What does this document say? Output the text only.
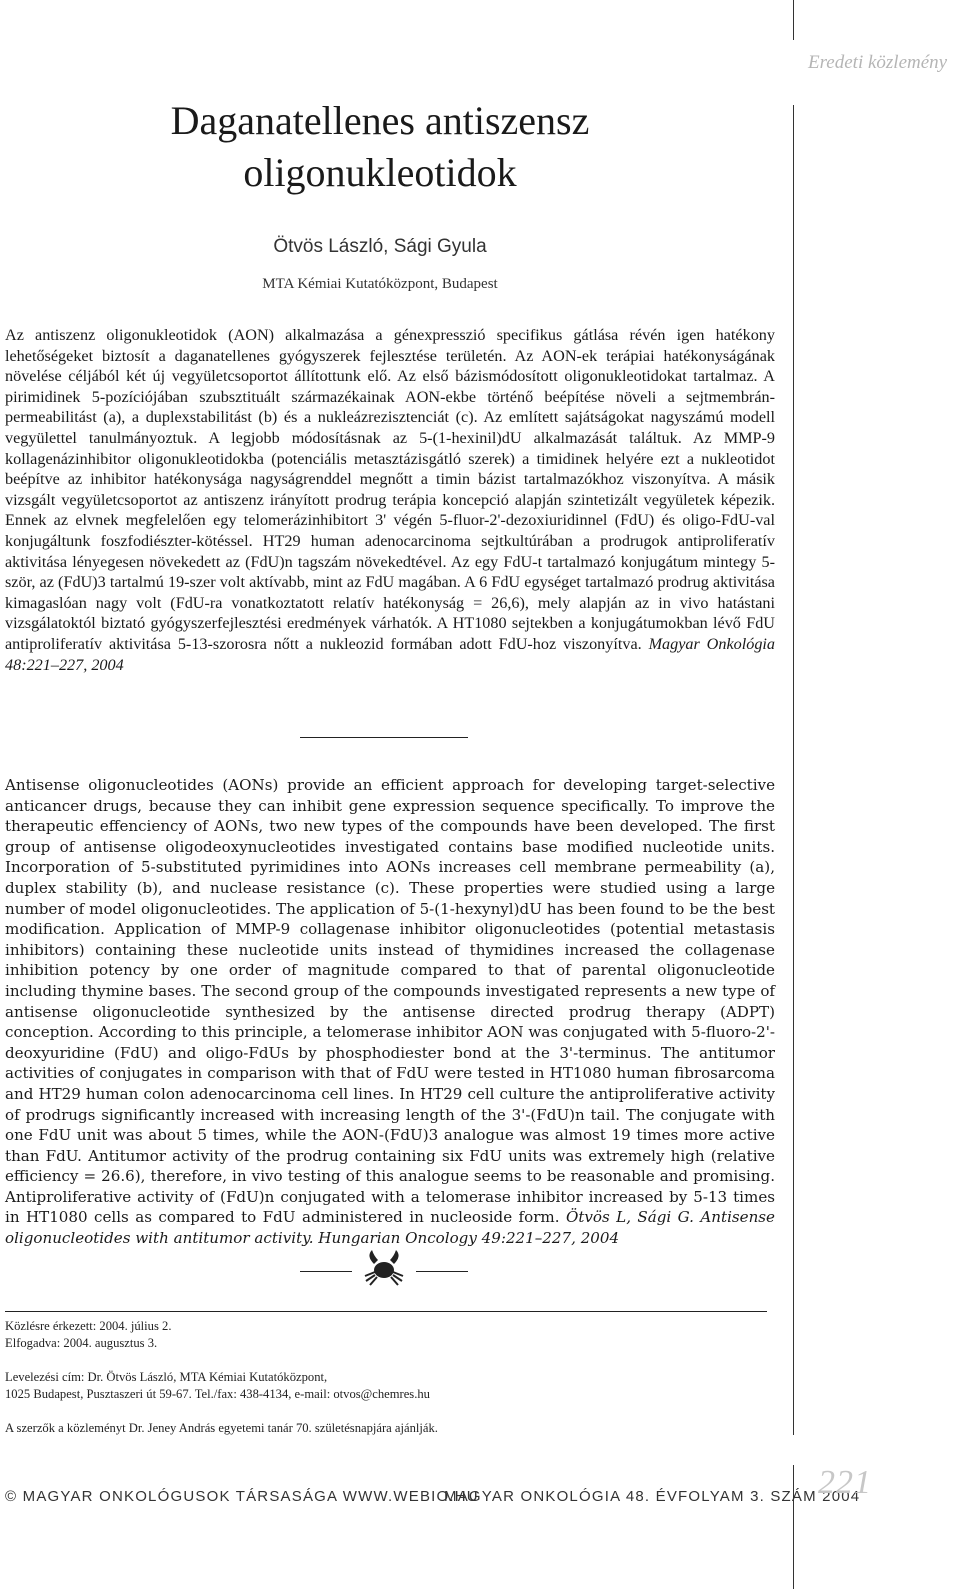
Eredeti közlemény
Daganatellenes antiszensz oligonukleotidok
Ötvös László, Sági Gyula
MTA Kémiai Kutatóközpont, Budapest
Az antiszenz oligonukleotidok (AON) alkalmazása a génexpresszió specifikus gátlása révén igen hatékony lehetőségeket biztosít a daganatellenes gyógyszerek fejlesztése területén. Az AON-ek terápiai hatékonyságának növelése céljából két új vegyületcsoportot állítottunk elő. Az első bázismódosított oligonukleotidokat tartalmaz. A pirimidinek 5-pozíciójában szubsztituált származékainak AON-ekbe történő beépítése növeli a sejtmembrán-permeabilitást (a), a duplexstabilitást (b) és a nukleázrezisztenciát (c). Az említett sajátságokat nagyszámú modell vegyülettel tanulmányoztuk. A legjobb módosításnak az 5-(1-hexinil)dU alkalmazását találtuk. Az MMP-9 kollagenázinhibitor oligonukleotidokba (potenciális metasztázisgátló szerek) a timidinek helyére ezt a nukleotidot beépítve az inhibitor hatékonysága nagyságrenddel megnőtt a timin bázist tartalmazókhoz viszonyítva. A másik vizsgált vegyületcsoportot az antiszenz irányított prodrug terápia koncepció alapján szintetizált vegyületek képezik. Ennek az elvnek megfelelően egy telomerázinhibitort 3' végén 5-fluor-2'-dezoxiuridinnel (FdU) és oligo-FdU-val konjugáltunk foszfodiészter-kötéssel. HT29 human adenocarcinoma sejtkultúrában a prodrugok antiproliferatív aktivitása lényegesen növekedett az (FdU)n tagszám növekedtével. Az egy FdU-t tartalmazó konjugátum mintegy 5-ször, az (FdU)3 tartalmú 19-szer volt aktívabb, mint az FdU magában. A 6 FdU egységet tartalmazó prodrug aktivitása kimagaslóan nagy volt (FdU-ra vonatkoztatott relatív hatékonyság = 26,6), mely alapján az in vivo hatástani vizsgálatoktól biztató gyógyszerfejlesztési eredmények várhatók. A HT1080 sejtekben a konjugátumokban lévő FdU antiproliferatív aktivitása 5-13-szorosra nőtt a nukleozid formában adott FdU-hoz viszonyítva. Magyar Onkológia 48:221–227, 2004
Antisense oligonucleotides (AONs) provide an efficient approach for developing target-selective anticancer drugs, because they can inhibit gene expression sequence specifically. To improve the therapeutic effenciency of AONs, two new types of the compounds have been developed. The first group of antisense oligodeoxynucleotides investigated contains base modified nucleotide units. Incorporation of 5-substituted pyrimidines into AONs increases cell membrane permeability (a), duplex stability (b), and nuclease resistance (c). These properties were studied using a large number of model oligonucleotides. The application of 5-(1-hexynyl)dU has been found to be the best modification. Application of MMP-9 collagenase inhibitor oligonucleotides (potential metastasis inhibitors) containing these nucleotide units instead of thymidines increased the collagenase inhibition potency by one order of magnitude compared to that of parental oligonucleotide including thymine bases. The second group of the compounds investigated represents a new type of antisense oligonucleotide synthesized by the antisense directed prodrug therapy (ADPT) conception. According to this principle, a telomerase inhibitor AON was conjugated with 5-fluoro-2'-deoxyuridine (FdU) and oligo-FdUs by phosphodiester bond at the 3'-terminus. The antitumor activities of conjugates in comparison with that of FdU were tested in HT1080 human fibrosarcoma and HT29 human colon adenocarcinoma cell lines. In HT29 cell culture the antiproliferative activity of prodrugs significantly increased with increasing length of the 3'-(FdU)n tail. The conjugate with one FdU unit was about 5 times, while the AON-(FdU)3 analogue was almost 19 times more active than FdU. Antitumor activity of the prodrug containing six FdU units was extremely high (relative efficiency = 26.6), therefore, in vivo testing of this analogue seems to be reasonable and promising. Antiproliferative activity of (FdU)n conjugated with a telomerase inhibitor increased by 5-13 times in HT1080 cells as compared to FdU administered in nucleoside form. Ötvös L, Sági G. Antisense oligonucleotides with antitumor activity. Hungarian Oncology 49:221–227, 2004
Közlésre érkezett: 2004. július 2.
Elfogadva: 2004. augusztus 3.
Levelezési cím: Dr. Ötvös László, MTA Kémiai Kutatóközpont,
1025 Budapest, Pusztaszeri út 59-67. Tel./fax: 438-4134, e-mail: otvos@chemres.hu
A szerzők a közleményt Dr. Jeney András egyetemi tanár 70. születésnapjára ajánlják.
© MAGYAR ONKOLÓGUSOK TÁRSASÁGA WWW.WEBIO.HU
MAGYAR ONKOLÓGIA 48. ÉVFOLYAM 3. SZÁM 2004
221
